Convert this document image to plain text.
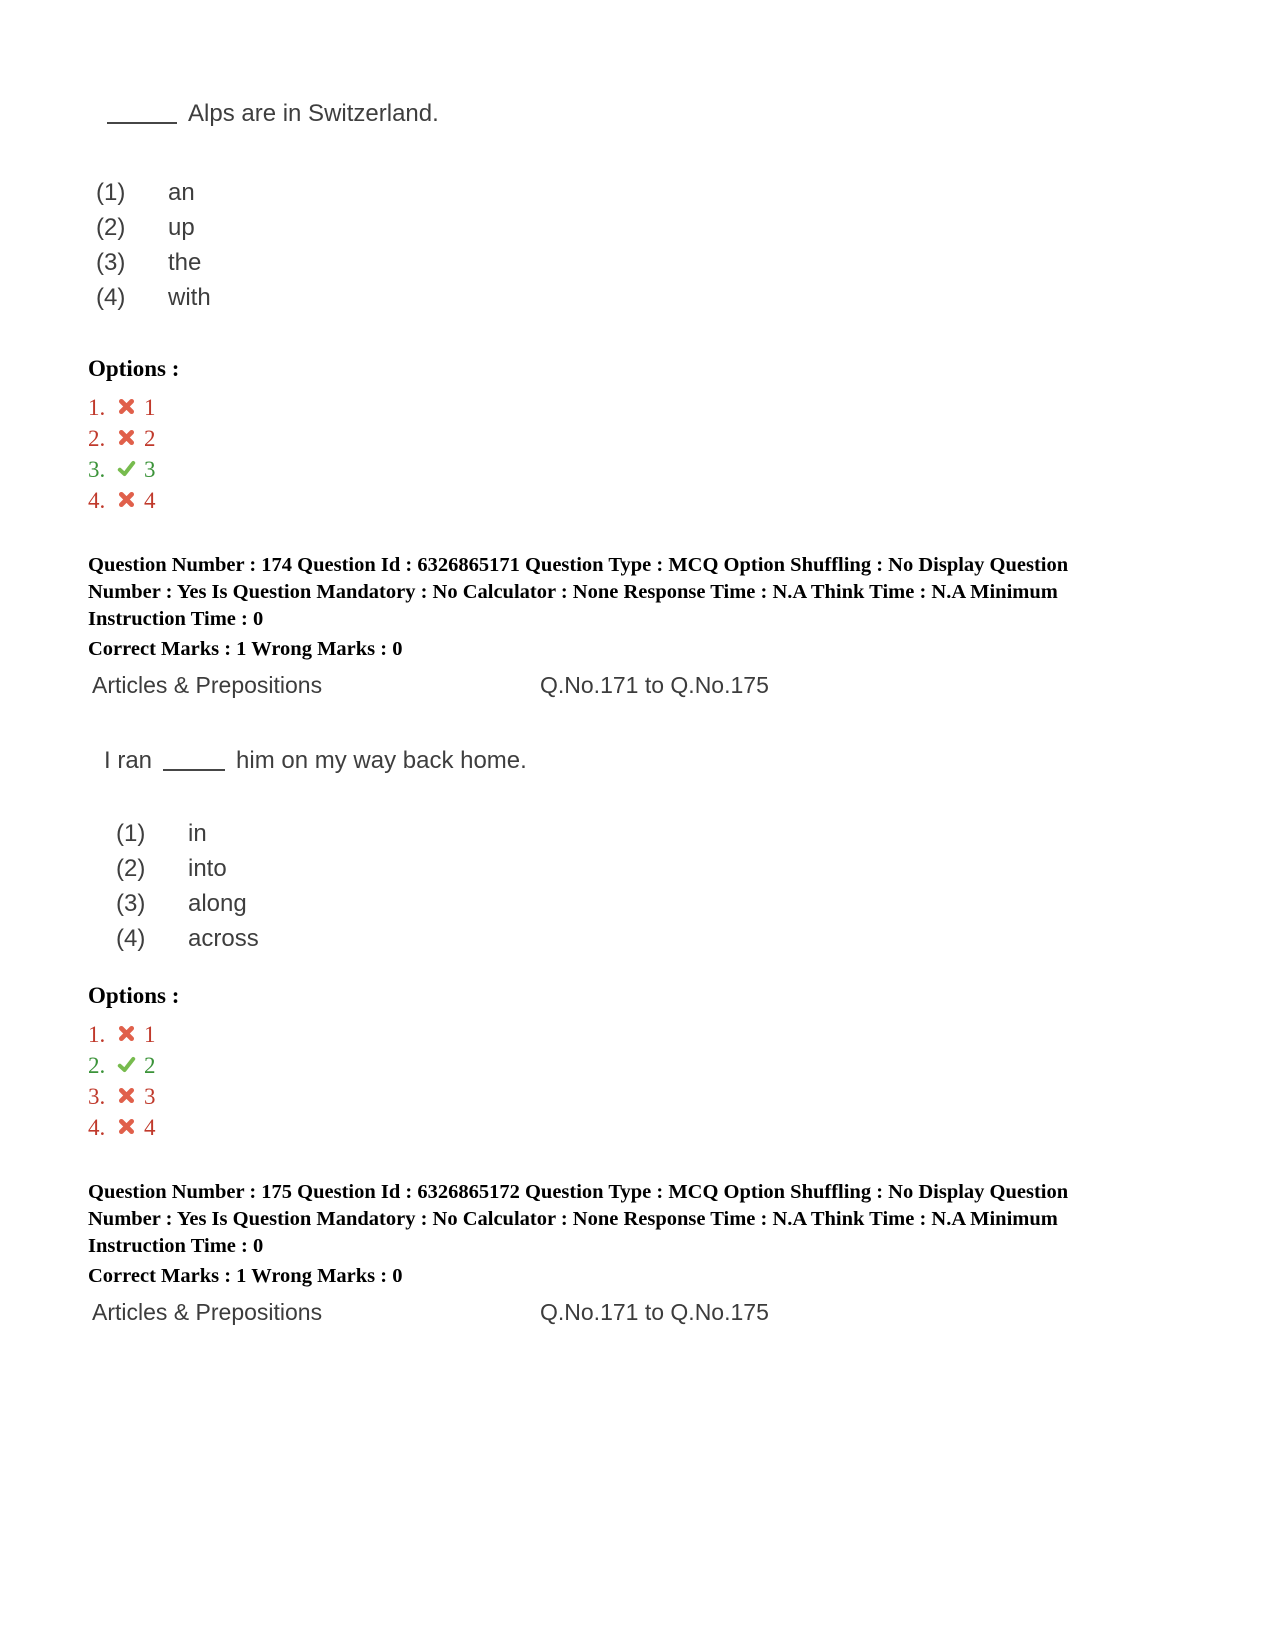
Alps are in Switzerland.
(1)	an
(2)	up
(3)	the
(4)	with
Options :
1. 1
2. 2
3. 3
4. 4

Question Number : 174 Question Id : 6326865171 Question Type : MCQ Option Shuffling : No Display Question Number : Yes Is Question Mandatory : No Calculator : None Response Time : N.A Think Time : N.A Minimum Instruction Time : 0

Correct Marks : 1 Wrong Marks : 0

Articles & Prepositions	Q.No.171 to Q.No.175
I ran	him on my way back home.
(1)	in
(2)	into
(3)	along
(4)	across
Options :
1. 1
2. 2
3. 3
4. 4

Question Number : 175 Question Id : 6326865172 Question Type : MCQ Option Shuffling : No Display Question Number : Yes Is Question Mandatory : No Calculator : None Response Time : N.A Think Time : N.A Minimum Instruction Time : 0

Correct Marks : 1 Wrong Marks : 0

Articles & Prepositions	Q.No.171 to Q.No.175
